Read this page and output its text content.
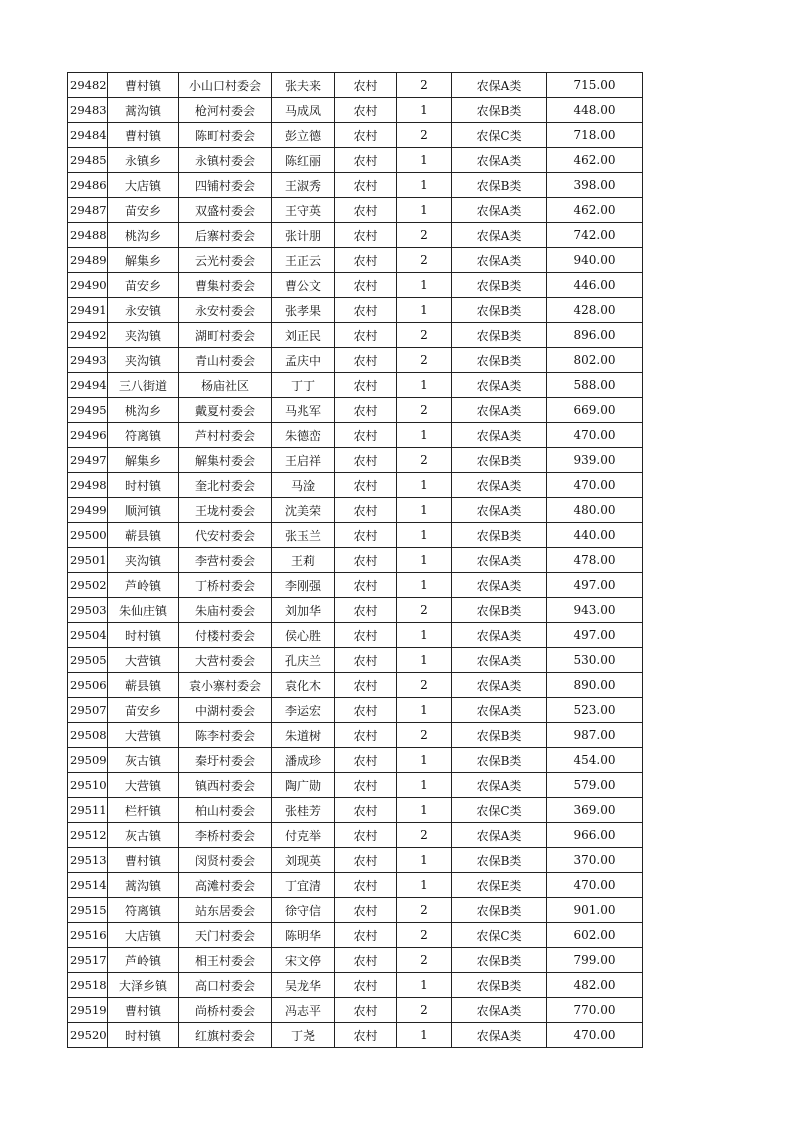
29482	曹村镇	小山口村委会	张夫来	农村	2	农保A类	715.00
29483	蒿沟镇	枪河村委会	马成凤	农村	1	农保B类	448.00
29484	曹村镇	陈町村委会	彭立德	农村	2	农保C类	718.00
29485	永镇乡	永镇村委会	陈红丽	农村	1	农保A类	462.00
29486	大店镇	四铺村委会	王淑秀	农村	1	农保B类	398.00
29487	苗安乡	双盛村委会	王守英	农村	1	农保A类	462.00
29488	桃沟乡	后寨村委会	张计朋	农村	2	农保A类	742.00
29489	解集乡	云光村委会	王正云	农村	2	农保A类	940.00
29490	苗安乡	曹集村委会	曹公文	农村	1	农保B类	446.00
29491	永安镇	永安村委会	张孝果	农村	1	农保B类	428.00
29492	夹沟镇	湖町村委会	刘正民	农村	2	农保B类	896.00
29493	夹沟镇	青山村委会	孟庆中	农村	2	农保B类	802.00
29494	三八街道	杨庙社区	丁丁	农村	1	农保A类	588.00
29495	桃沟乡	戴夏村委会	马兆军	农村	2	农保A类	669.00
29496	符离镇	芦村村委会	朱德峦	农村	1	农保A类	470.00
29497	解集乡	解集村委会	王启祥	农村	2	农保B类	939.00
29498	时村镇	奎北村委会	马淦	农村	1	农保A类	470.00
29499	顺河镇	王垅村委会	沈美荣	农村	1	农保A类	480.00
29500	蕲县镇	代安村委会	张玉兰	农村	1	农保B类	440.00
29501	夹沟镇	李营村委会	王莉	农村	1	农保A类	478.00
29502	芦岭镇	丁桥村委会	李刚强	农村	1	农保A类	497.00
29503	朱仙庄镇	朱庙村委会	刘加华	农村	2	农保B类	943.00
29504	时村镇	付楼村委会	侯心胜	农村	1	农保A类	497.00
29505	大营镇	大营村委会	孔庆兰	农村	1	农保A类	530.00
29506	蕲县镇	袁小寨村委会	袁化木	农村	2	农保A类	890.00
29507	苗安乡	中湖村委会	李运宏	农村	1	农保A类	523.00
29508	大营镇	陈李村委会	朱道树	农村	2	农保B类	987.00
29509	灰古镇	秦圩村委会	潘成珍	农村	1	农保B类	454.00
29510	大营镇	镇西村委会	陶广勋	农村	1	农保A类	579.00
29511	栏杆镇	柏山村委会	张桂芳	农村	1	农保C类	369.00
29512	灰古镇	李桥村委会	付克举	农村	2	农保A类	966.00
29513	曹村镇	闵贤村委会	刘现英	农村	1	农保B类	370.00
29514	蒿沟镇	高滩村委会	丁宜清	农村	1	农保E类	470.00
29515	符离镇	站东居委会	徐守信	农村	2	农保B类	901.00
29516	大店镇	天门村委会	陈明华	农村	2	农保C类	602.00
29517	芦岭镇	相王村委会	宋文停	农村	2	农保B类	799.00
29518	大泽乡镇	高口村委会	吴龙华	农村	1	农保B类	482.00
29519	曹村镇	尚桥村委会	冯志平	农村	2	农保A类	770.00
29520	时村镇	红旗村委会	丁尧	农村	1	农保A类	470.00
